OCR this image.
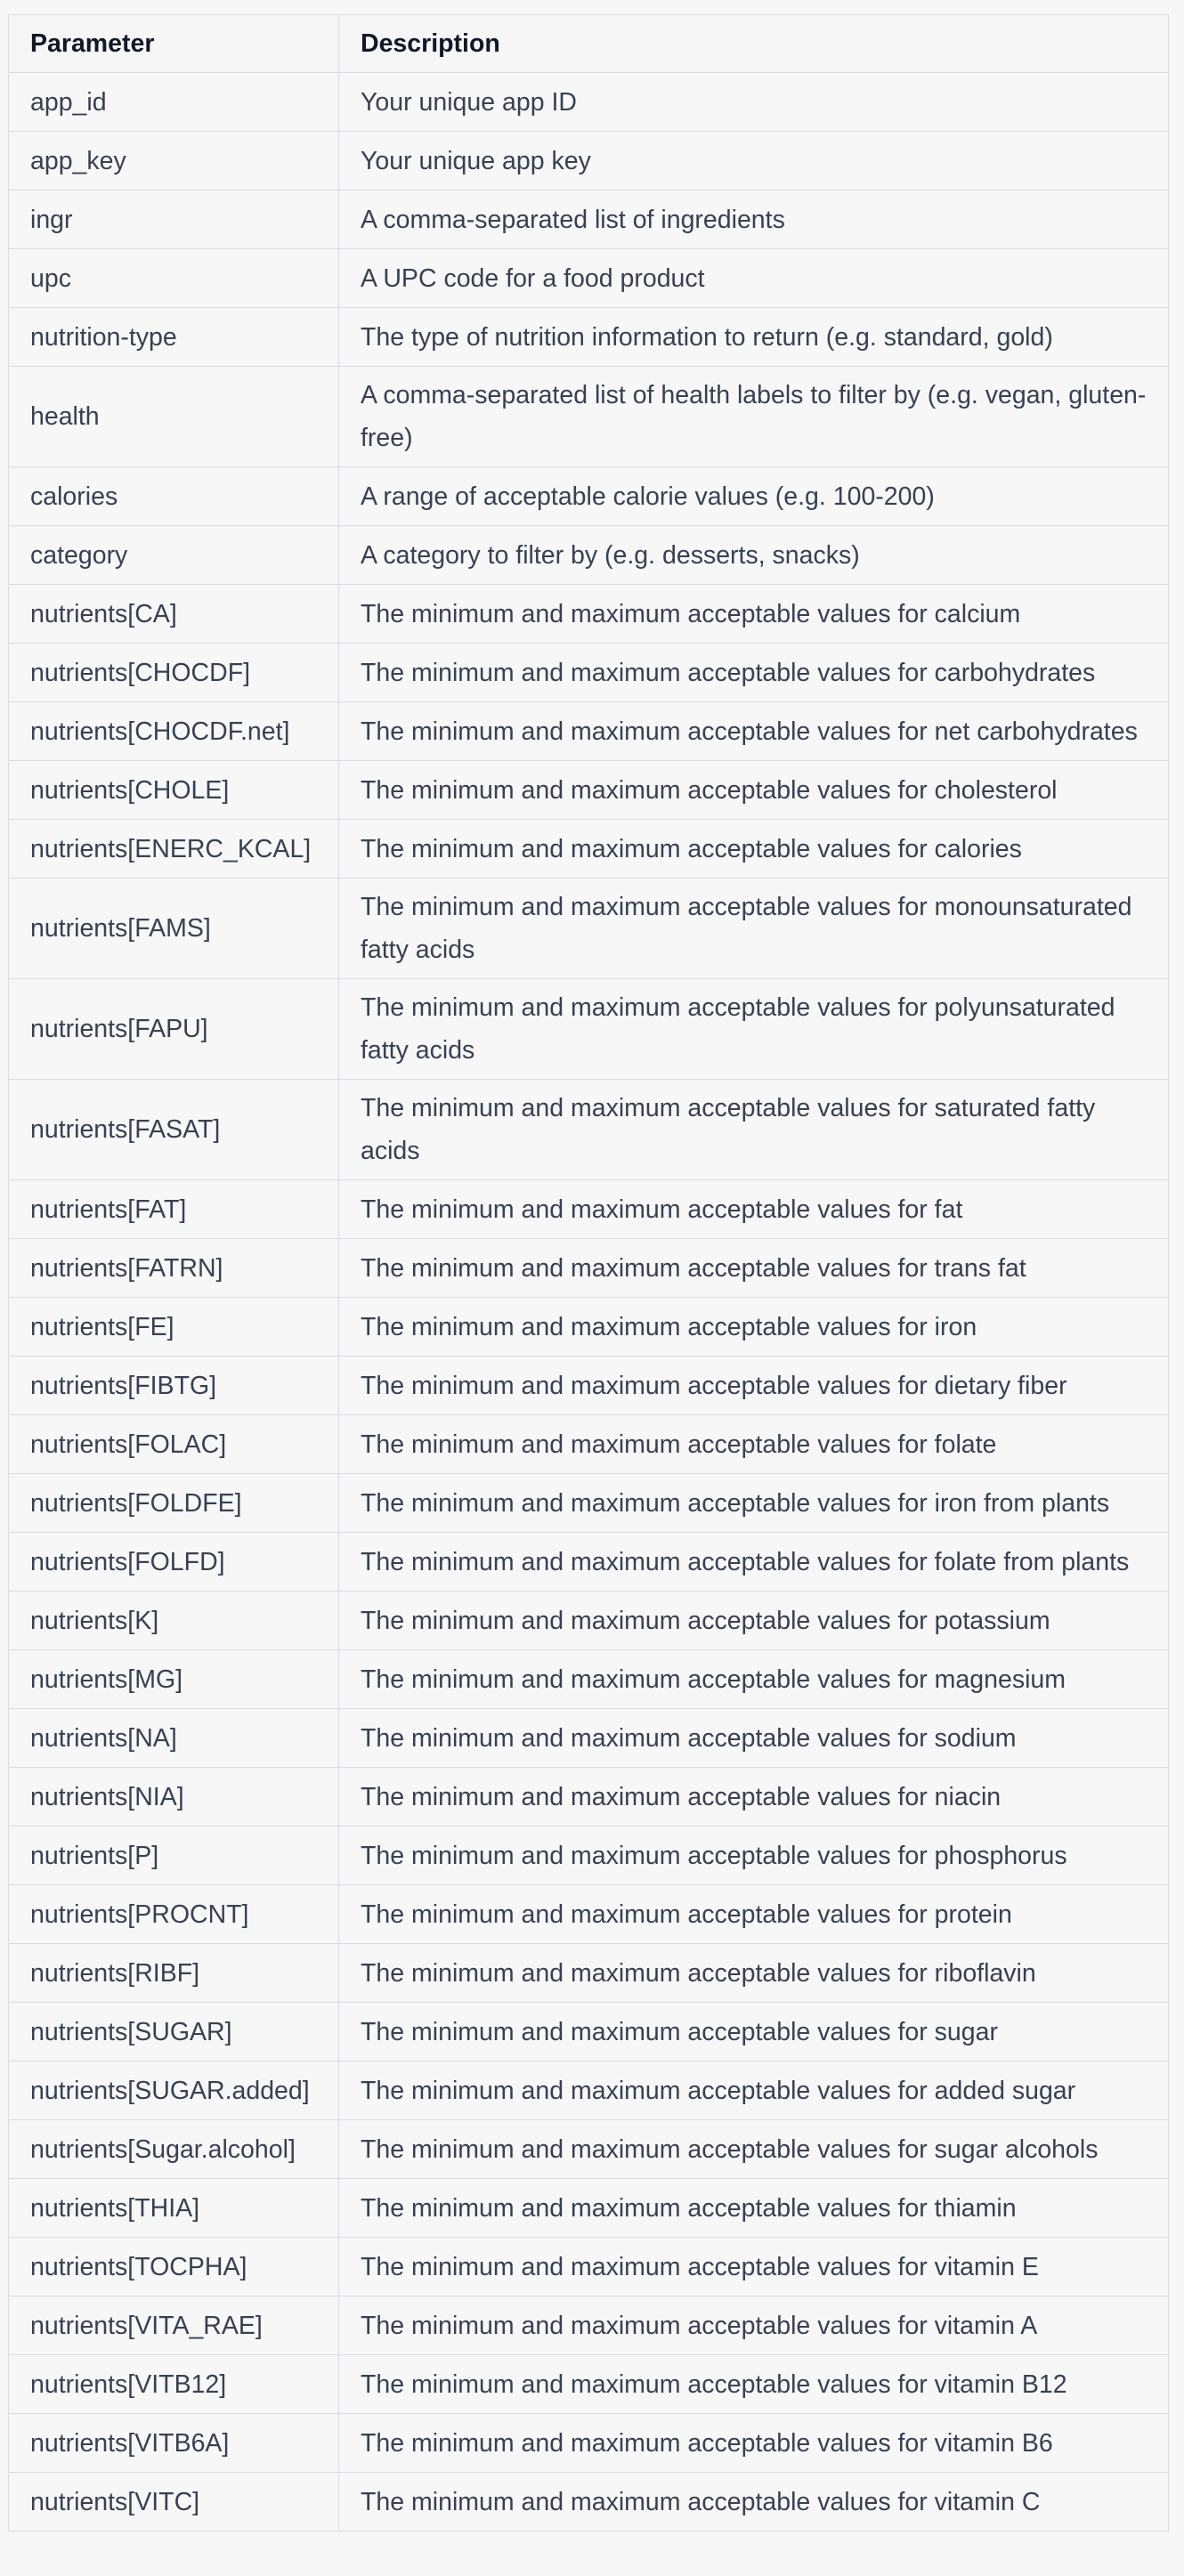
Parameter	Description
app_id	Your unique app ID
app_key	Your unique app key
ingr	A comma-separated list of ingredients
upc	A UPC code for a food product
nutrition-type	The type of nutrition information to return (e.g. standard, gold)
health	A comma-separated list of health labels to filter by (e.g. vegan, gluten-free)
calories	A range of acceptable calorie values (e.g. 100-200)
category	A category to filter by (e.g. desserts, snacks)
nutrients[CA]	The minimum and maximum acceptable values for calcium
nutrients[CHOCDF]	The minimum and maximum acceptable values for carbohydrates
nutrients[CHOCDF.net]	The minimum and maximum acceptable values for net carbohydrates
nutrients[CHOLE]	The minimum and maximum acceptable values for cholesterol
nutrients[ENERC_KCAL]	The minimum and maximum acceptable values for calories
nutrients[FAMS]	The minimum and maximum acceptable values for monounsaturated fatty acids
nutrients[FAPU]	The minimum and maximum acceptable values for polyunsaturated fatty acids
nutrients[FASAT]	The minimum and maximum acceptable values for saturated fatty acids
nutrients[FAT]	The minimum and maximum acceptable values for fat
nutrients[FATRN]	The minimum and maximum acceptable values for trans fat
nutrients[FE]	The minimum and maximum acceptable values for iron
nutrients[FIBTG]	The minimum and maximum acceptable values for dietary fiber
nutrients[FOLAC]	The minimum and maximum acceptable values for folate
nutrients[FOLDFE]	The minimum and maximum acceptable values for iron from plants
nutrients[FOLFD]	The minimum and maximum acceptable values for folate from plants
nutrients[K]	The minimum and maximum acceptable values for potassium
nutrients[MG]	The minimum and maximum acceptable values for magnesium
nutrients[NA]	The minimum and maximum acceptable values for sodium
nutrients[NIA]	The minimum and maximum acceptable values for niacin
nutrients[P]	The minimum and maximum acceptable values for phosphorus
nutrients[PROCNT]	The minimum and maximum acceptable values for protein
nutrients[RIBF]	The minimum and maximum acceptable values for riboflavin
nutrients[SUGAR]	The minimum and maximum acceptable values for sugar
nutrients[SUGAR.added]	The minimum and maximum acceptable values for added sugar
nutrients[Sugar.alcohol]	The minimum and maximum acceptable values for sugar alcohols
nutrients[THIA]	The minimum and maximum acceptable values for thiamin
nutrients[TOCPHA]	The minimum and maximum acceptable values for vitamin E
nutrients[VITA_RAE]	The minimum and maximum acceptable values for vitamin A
nutrients[VITB12]	The minimum and maximum acceptable values for vitamin B12
nutrients[VITB6A]	The minimum and maximum acceptable values for vitamin B6
nutrients[VITC]	The minimum and maximum acceptable values for vitamin C
